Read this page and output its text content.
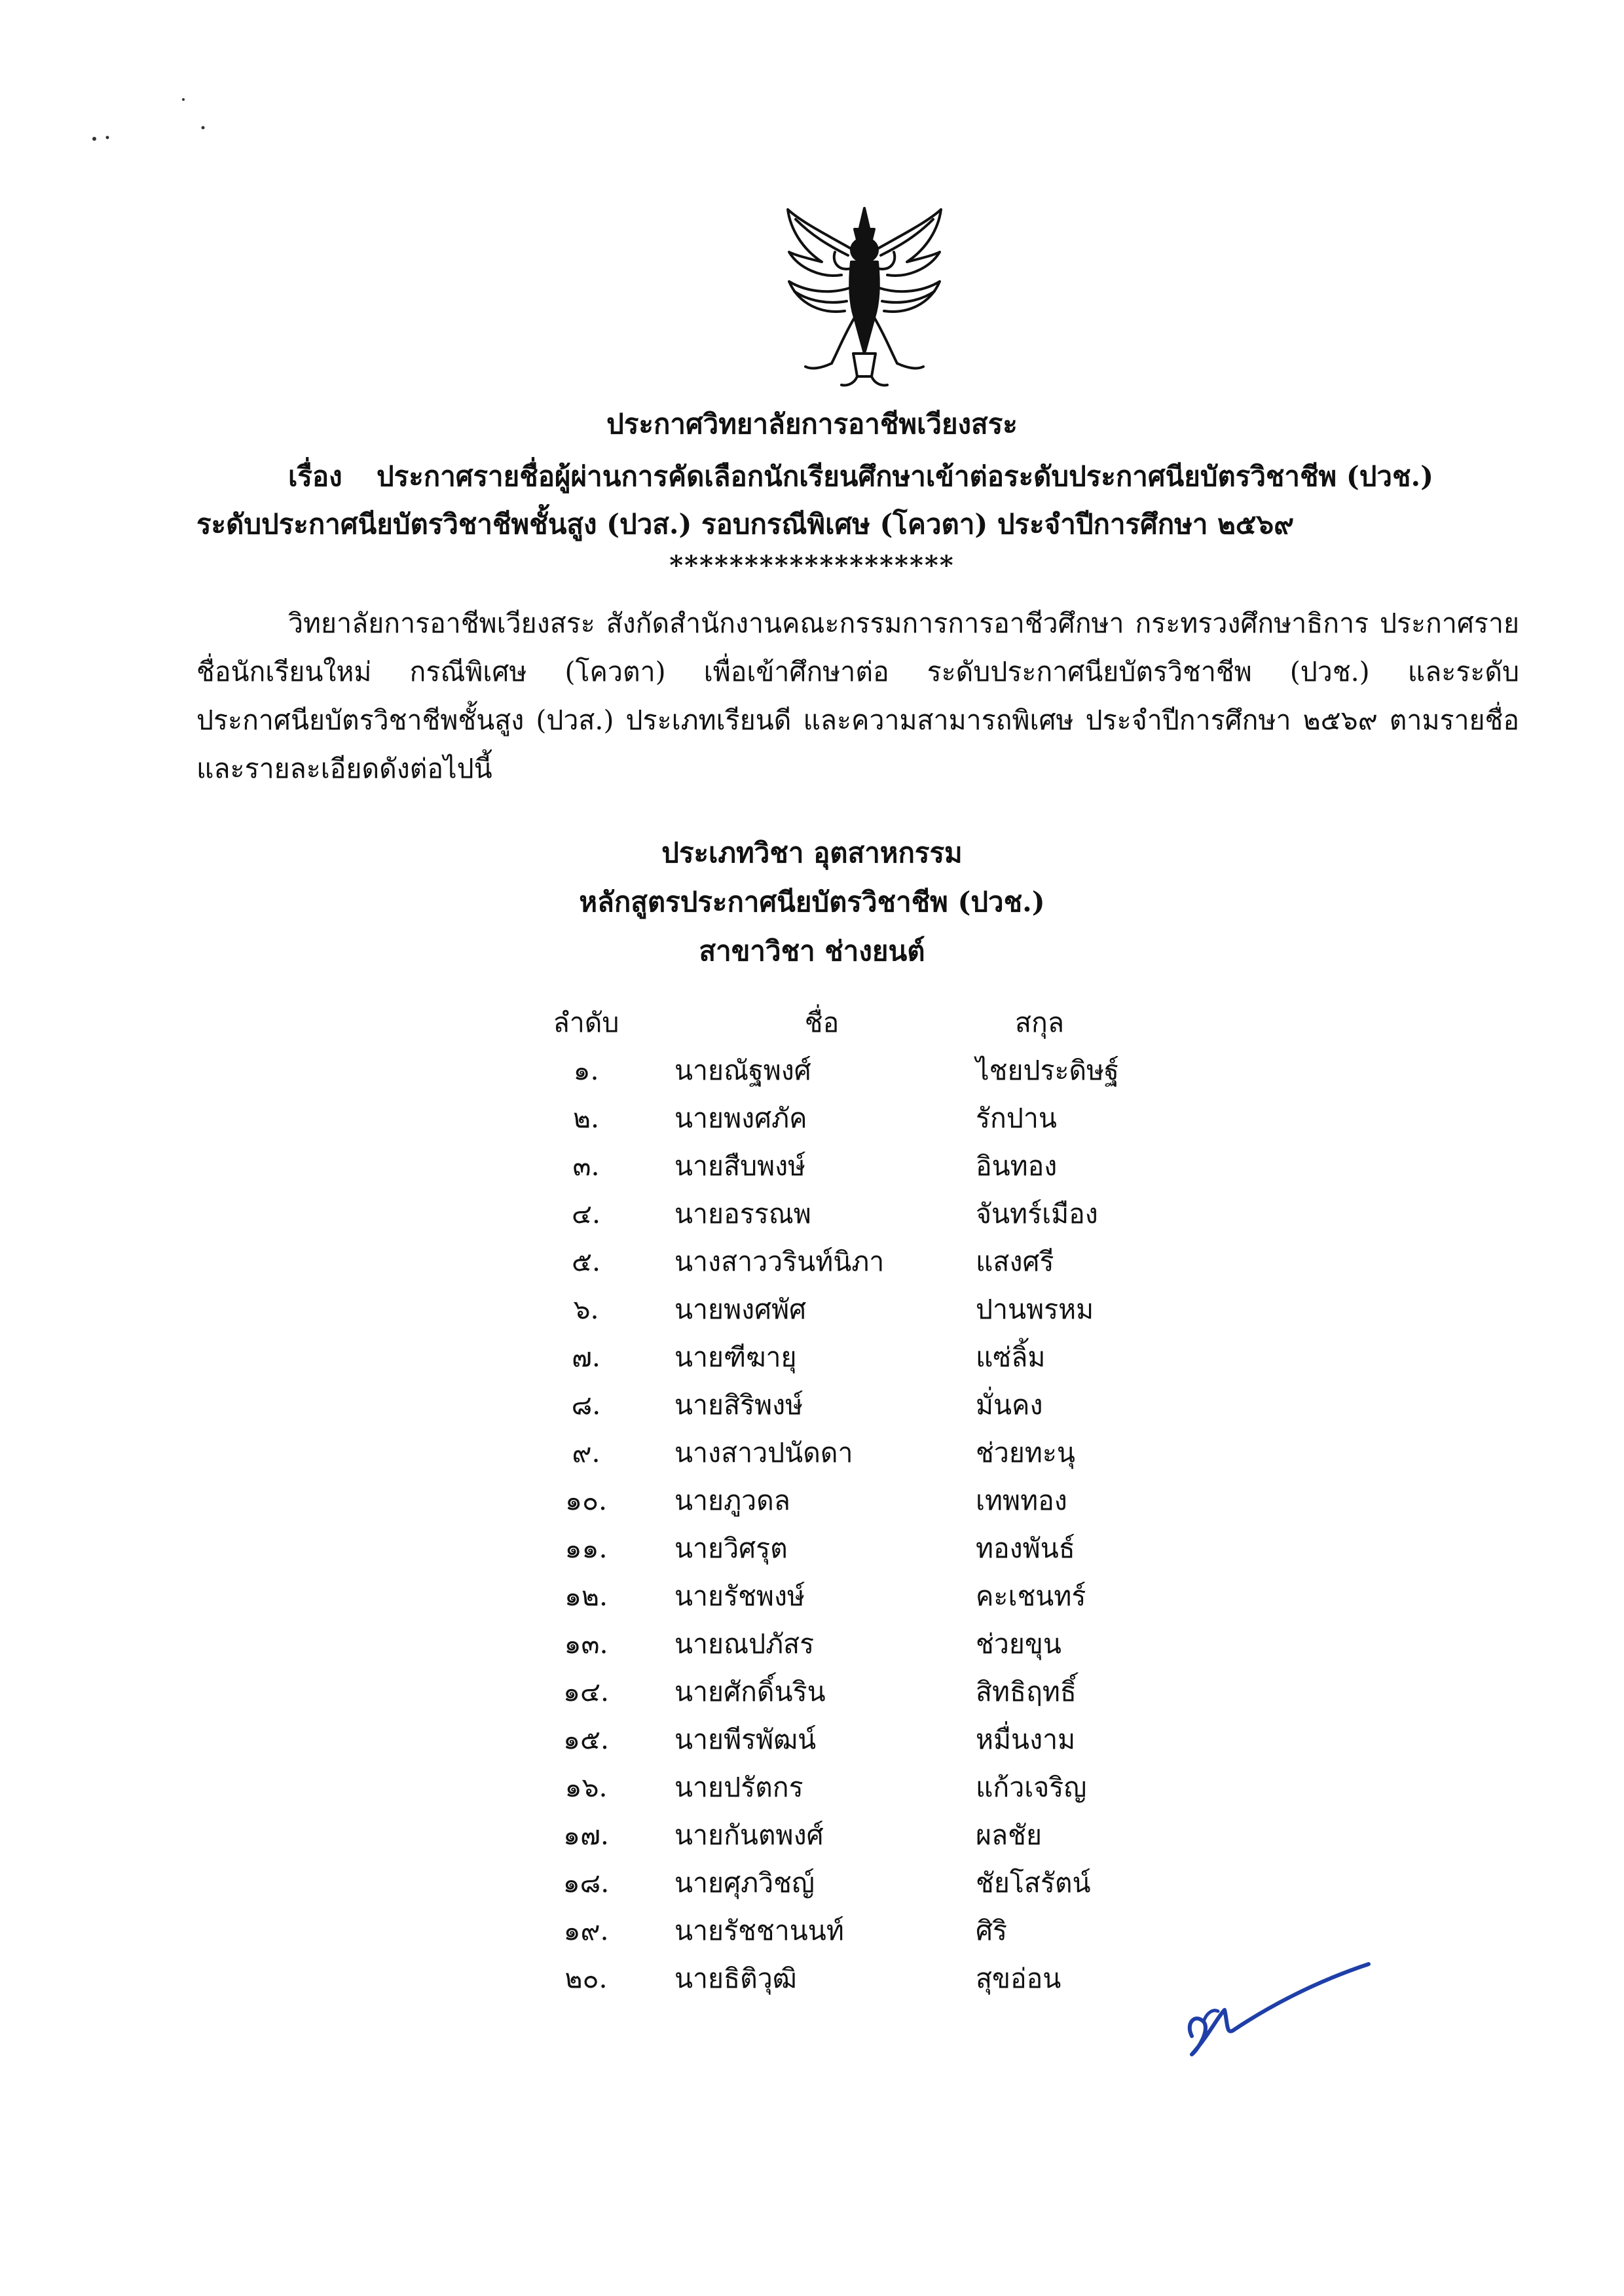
ประกาศวิทยาลัยการอาชีพเวียงสระ
เรื่อง ประกาศรายชื่อผู้ผ่านการคัดเลือกนักเรียนศึกษาเข้าต่อระดับประกาศนียบัตรวิชาชีพ (ปวช.)
ระดับประกาศนียบัตรวิชาชีพชั้นสูง (ปวส.) รอบกรณีพิเศษ (โควตา) ประจำปีการศึกษา ๒๕๖๙
*******************
วิทยาลัยการอาชีพเวียงสระ สังกัดสำนักงานคณะกรรมการการอาชีวศึกษา กระทรวงศึกษาธิการ ประกาศรายชื่อนักเรียนใหม่ กรณีพิเศษ (โควตา) เพื่อเข้าศึกษาต่อ ระดับประกาศนียบัตรวิชาชีพ (ปวช.) และระดับประกาศนียบัตรวิชาชีพชั้นสูง (ปวส.) ประเภทเรียนดี และความสามารถพิเศษ ประจำปีการศึกษา ๒๕๖๙ ตามรายชื่อและรายละเอียดดังต่อไปนี้
ประเภทวิชา อุตสาหกรรม
หลักสูตรประกาศนียบัตรวิชาชีพ (ปวช.)
สาขาวิชา ช่างยนต์
ลำดับ	ชื่อ	สกุล
๑.	นายณัฐพงศ์	ไชยประดิษฐ์
๒.	นายพงศภัค	รักปาน
๓.	นายสืบพงษ์	อินทอง
๔.	นายอรรณพ	จันทร์เมือง
๕.	นางสาววรินท์นิภา	แสงศรี
๖.	นายพงศพัศ	ปานพรหม
๗.	นายฑีฆายุ	แซ่ลิ้ม
๘.	นายสิริพงษ์	มั่นคง
๙.	นางสาวปนัดดา	ช่วยทะนุ
๑๐.	นายภูวดล	เทพทอง
๑๑.	นายวิศรุต	ทองพันธ์
๑๒.	นายรัชพงษ์	คะเชนทร์
๑๓.	นายณปภัสร	ช่วยขุน
๑๔.	นายศักดิ์นริน	สิทธิฤทธิ์
๑๕.	นายพีรพัฒน์	หมื่นงาม
๑๖.	นายปรัตกร	แก้วเจริญ
๑๗.	นายกันตพงศ์	ผลชัย
๑๘.	นายศุภวิชญ์	ชัยโสรัตน์
๑๙.	นายรัชชานนท์	ศิริ
๒๐.	นายธิติวุฒิ	สุขอ่อน
